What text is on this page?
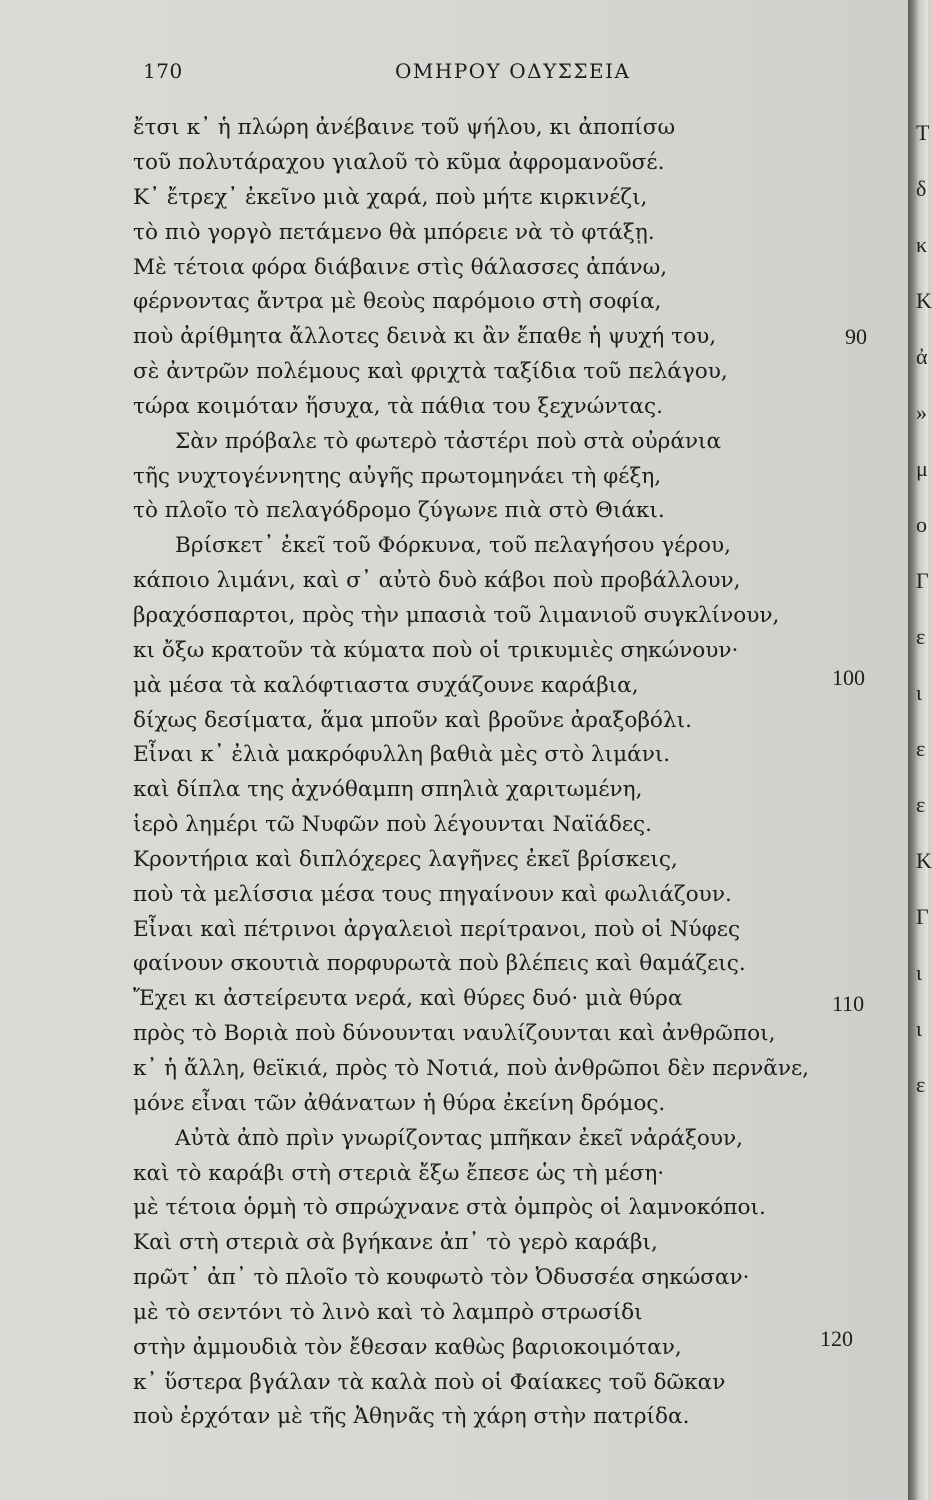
170	ΟΜΗΡΟΥ ΟΔΥΣΣΕΙΑ
ἔτσι κ᾽ ἡ πλώρη ἀνέβαινε τοῦ ψήλου, κι ἀποπίσω
τοῦ πολυτάραχου γιαλοῦ τὸ κῦμα ἀφρομανοῦσέ.
Κ᾽ ἔτρεχ᾽ ἐκεῖνο μιὰ χαρά, ποὺ μήτε κιρκινέζι,
τὸ πιὸ γοργὸ πετάμενο θὰ μπόρειε νὰ τὸ φτάξῃ.
Μὲ τέτοια φόρα διάβαινε στὶς θάλασσες ἀπάνω,
φέρνοντας ἄντρα μὲ θεοὺς παρόμοιο στὴ σοφία,
ποὺ ἀρίθμητα ἄλλοτες δεινὰ κι ἂν ἔπαθε ἡ ψυχή του,
σὲ ἀντρῶν πολέμους καὶ φριχτὰ ταξίδια τοῦ πελάγου,
τώρα κοιμόταν ἥσυχα, τὰ πάθια του ξεχνώντας.
Σὰν πρόβαλε τὸ φωτερὸ τἀστέρι ποὺ στὰ οὐράνια
τῆς νυχτογέννητης αὐγῆς πρωτομηνάει τὴ φέξη,
τὸ πλοῖο τὸ πελαγόδρομο ζύγωνε πιὰ στὸ Θιάκι.
Βρίσκετ᾽ ἐκεῖ τοῦ Φόρκυνα, τοῦ πελαγήσου γέρου,
κάποιο λιμάνι, καὶ σ᾽ αὐτὸ δυὸ κάβοι ποὺ προβάλλουν,
βραχόσπαρτοι, πρὸς τὴν μπασιὰ τοῦ λιμανιοῦ συγκλίνουν,
κι ὄξω κρατοῦν τὰ κύματα ποὺ οἱ τρικυμιὲς σηκώνουν·
μὰ μέσα τὰ καλόφτιαστα συχάζουνε καράβια,
δίχως δεσίματα, ἅμα μποῦν καὶ βροῦνε ἀραξοβόλι.
Εἶναι κ᾽ ἐλιὰ μακρόφυλλη βαθιὰ μὲς στὸ λιμάνι.
καὶ δίπλα της ἀχνόθαμπη σπηλιὰ χαριτωμένη,
ἱερὸ λημέρι τῶ Νυφῶν ποὺ λέγουνται Ναϊάδες.
Κροντήρια καὶ διπλόχερες λαγῆνες ἐκεῖ βρίσκεις,
ποὺ τὰ μελίσσια μέσα τους πηγαίνουν καὶ φωλιάζουν.
Εἶναι καὶ πέτρινοι ἀργαλειοὶ περίτρανοι, ποὺ οἱ Νύφες
φαίνουν σκουτιὰ πορφυρωτὰ ποὺ βλέπεις καὶ θαμάζεις.
Ἔχει κι ἀστείρευτα νερά, καὶ θύρες δυό· μιὰ θύρα
πρὸς τὸ Βοριὰ ποὺ δύνουνται ναυλίζουνται καὶ ἀνθρῶποι,
κ᾽ ἡ ἄλλη, θεϊκιά, πρὸς τὸ Νοτιά, ποὺ ἀνθρῶποι δὲν περνᾶνε,
μόνε εἶναι τῶν ἀθάνατων ἡ θύρα ἐκείνη δρόμος.
Αὐτὰ ἀπὸ πρὶν γνωρίζοντας μπῆκαν ἐκεῖ νἀράξουν,
καὶ τὸ καράβι στὴ στεριὰ ἔξω ἔπεσε ὡς τὴ μέση·
μὲ τέτοια ὁρμὴ τὸ σπρώχνανε στὰ ὀμπρὸς οἱ λαμνοκόποι.
Καὶ στὴ στεριὰ σὰ βγήκανε ἀπ᾽ τὸ γερὸ καράβι,
πρῶτ᾽ ἀπ᾽ τὸ πλοῖο τὸ κουφωτὸ τὸν Ὀδυσσέα σηκώσαν·
μὲ τὸ σεντόνι τὸ λινὸ καὶ τὸ λαμπρὸ στρωσίδι
στὴν ἀμμουδιὰ τὸν ἔθεσαν καθὼς βαριοκοιμόταν,
κ᾽ ὕστερα βγάλαν τὰ καλὰ ποὺ οἱ Φαίακες τοῦ δῶκαν
ποὺ ἐρχόταν μὲ τῆς Ἀθηνᾶς τὴ χάρη στὴν πατρίδα.
90
100
110
120
T
δ
κ
K
ἀ
»
μ
o
Γ
ε
ι
ε
ε
K
Γ
ι
ι
ε
